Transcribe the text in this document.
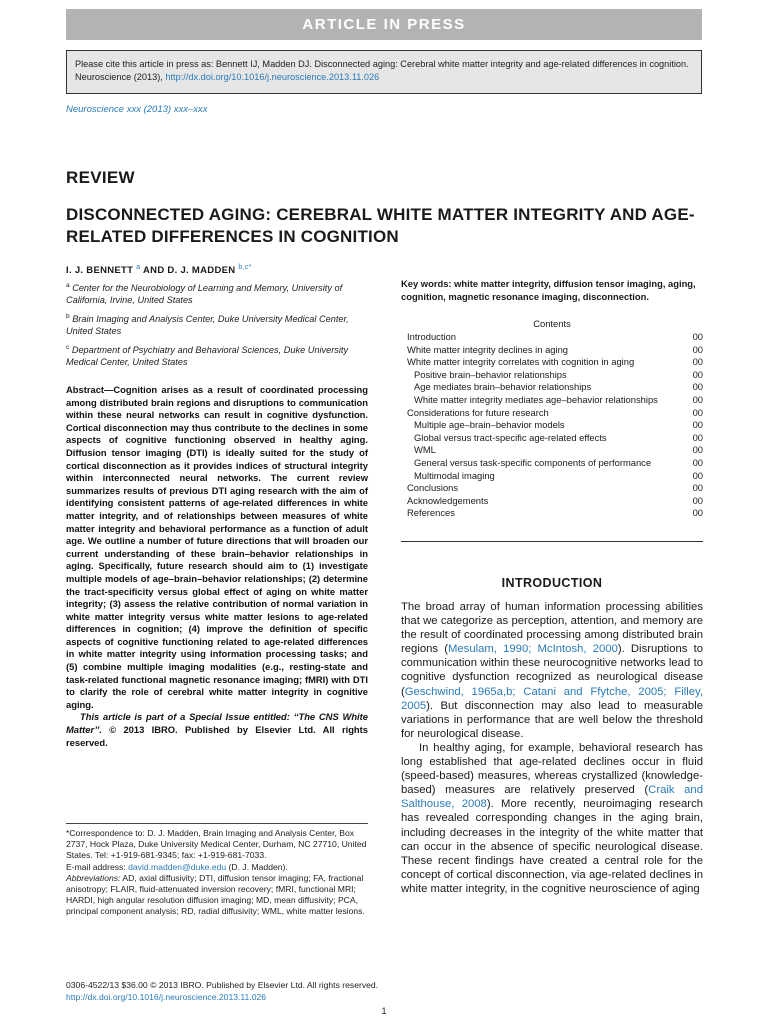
ARTICLE IN PRESS
Please cite this article in press as: Bennett IJ, Madden DJ. Disconnected aging: Cerebral white matter integrity and age-related differences in cognition. Neuroscience (2013), http://dx.doi.org/10.1016/j.neuroscience.2013.11.026
Neuroscience xxx (2013) xxx–xxx
REVIEW
DISCONNECTED AGING: CEREBRAL WHITE MATTER INTEGRITY AND AGE-RELATED DIFFERENCES IN COGNITION
I. J. BENNETT $^a$ AND D. J. MADDEN $^{b,c*}$
$^a$ Center for the Neurobiology of Learning and Memory, University of California, Irvine, United States
$^b$ Brain Imaging and Analysis Center, Duke University Medical Center, United States
$^c$ Department of Psychiatry and Behavioral Sciences, Duke University Medical Center, United States
Abstract—Cognition arises as a result of coordinated processing among distributed brain regions and disruptions to communication within these neural networks can result in cognitive dysfunction. Cortical disconnection may thus contribute to the declines in some aspects of cognitive functioning observed in healthy aging. Diffusion tensor imaging (DTI) is ideally suited for the study of cortical disconnection as it provides indices of structural integrity within interconnected neural networks. The current review summarizes results of previous DTI aging research with the aim of identifying consistent patterns of age-related differences in white matter integrity, and of relationships between measures of white matter integrity and behavioral performance as a function of adult age. We outline a number of future directions that will broaden our current understanding of these brain–behavior relationships in aging. Specifically, future research should aim to (1) investigate multiple models of age–brain–behavior relationships; (2) determine the tract-specificity versus global effect of aging on white matter integrity; (3) assess the relative contribution of normal variation in white matter integrity versus white matter lesions to age-related differences in cognition; (4) improve the definition of specific aspects of cognitive functioning related to age-related differences in white matter integrity using information processing tasks; and (5) combine multiple imaging modalities (e.g., resting-state and task-related functional magnetic resonance imaging; fMRI) with DTI to clarify the role of cerebral white matter integrity in cognitive aging.
This article is part of a Special Issue entitled: ‘‘The CNS White Matter’’. © 2013 IBRO. Published by Elsevier Ltd. All rights reserved.
*Correspondence to: D. J. Madden, Brain Imaging and Analysis Center, Box 2737, Hock Plaza, Duke University Medical Center, Durham, NC 27710, United States. Tel: +1-919-681-9345; fax: +1-919-681-7033.
E-mail address: david.madden@duke.edu (D. J. Madden).
Abbreviations: AD, axial diffusivity; DTI, diffusion tensor imaging; FA, fractional anisotropy; FLAIR, fluid-attenuated inversion recovery; fMRI, functional MRI; HARDI, high angular resolution diffusion imaging; MD, mean diffusivity; PCA, principal component analysis; RD, radial diffusivity; WML, white matter lesions.
Key words: white matter integrity, diffusion tensor imaging, aging, cognition, magnetic resonance imaging, disconnection.
Contents
Introduction	00
White matter integrity declines in aging	00
White matter integrity correlates with cognition in aging	00
Positive brain–behavior relationships	00
Age mediates brain–behavior relationships	00
White matter integrity mediates age–behavior relationships	00
Considerations for future research	00
Multiple age–brain–behavior models	00
Global versus tract-specific age-related effects	00
WML	00
General versus task-specific components of performance	00
Multimodal imaging	00
Conclusions	00
Acknowledgements	00
References	00
INTRODUCTION

The broad array of human information processing abilities that we categorize as perception, attention, and memory are the result of coordinated processing among distributed brain regions (Mesulam, 1990; McIntosh, 2000). Disruptions to communication within these neurocognitive networks lead to cognitive dysfunction recognized as neurological disease (Geschwind, 1965a,b; Catani and Ffytche, 2005; Filley, 2005). But disconnection may also lead to measurable variations in performance that are well below the threshold for neurological disease.

In healthy aging, for example, behavioral research has long established that age-related declines occur in fluid (speed-based) measures, whereas crystallized (knowledge-based) measures are relatively preserved (Craik and Salthouse, 2008). More recently, neuroimaging research has revealed corresponding changes in the aging brain, including decreases in the integrity of the white matter that can occur in the absence of specific neurological disease. These recent findings have created a central role for the concept of cortical disconnection, via age-related declines in white matter integrity, in the cognitive neuroscience of aging

0306-4522/13 $36.00 © 2013 IBRO. Published by Elsevier Ltd. All rights reserved.
http://dx.doi.org/10.1016/j.neuroscience.2013.11.026
1
